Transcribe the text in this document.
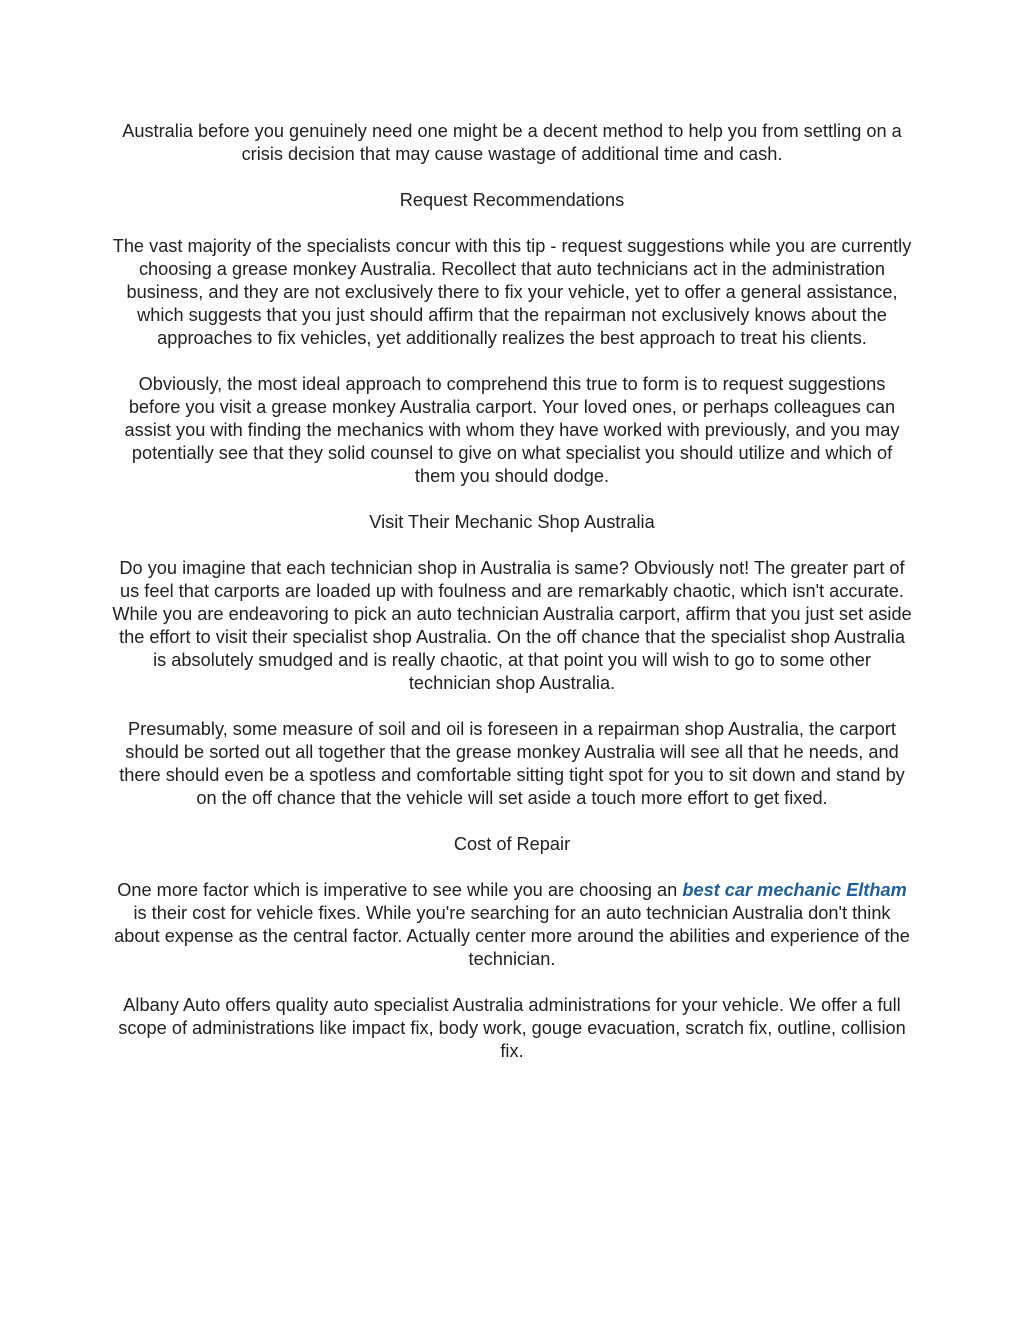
Australia before you genuinely need one might be a decent method to help you from settling on a crisis decision that may cause wastage of additional time and cash.

Request Recommendations

The vast majority of the specialists concur with this tip - request suggestions while you are currently choosing a grease monkey Australia. Recollect that auto technicians act in the administration business, and they are not exclusively there to fix your vehicle, yet to offer a general assistance, which suggests that you just should affirm that the repairman not exclusively knows about the approaches to fix vehicles, yet additionally realizes the best approach to treat his clients.

Obviously, the most ideal approach to comprehend this true to form is to request suggestions before you visit a grease monkey Australia carport. Your loved ones, or perhaps colleagues can assist you with finding the mechanics with whom they have worked with previously, and you may potentially see that they solid counsel to give on what specialist you should utilize and which of them you should dodge.

Visit Their Mechanic Shop Australia

Do you imagine that each technician shop in Australia is same? Obviously not! The greater part of us feel that carports are loaded up with foulness and are remarkably chaotic, which isn't accurate. While you are endeavoring to pick an auto technician Australia carport, affirm that you just set aside the effort to visit their specialist shop Australia. On the off chance that the specialist shop Australia is absolutely smudged and is really chaotic, at that point you will wish to go to some other technician shop Australia.

Presumably, some measure of soil and oil is foreseen in a repairman shop Australia, the carport should be sorted out all together that the grease monkey Australia will see all that he needs, and there should even be a spotless and comfortable sitting tight spot for you to sit down and stand by on the off chance that the vehicle will set aside a touch more effort to get fixed.

Cost of Repair

One more factor which is imperative to see while you are choosing an best car mechanic Eltham is their cost for vehicle fixes. While you're searching for an auto technician Australia don't think about expense as the central factor. Actually center more around the abilities and experience of the technician.

Albany Auto offers quality auto specialist Australia administrations for your vehicle. We offer a full scope of administrations like impact fix, body work, gouge evacuation, scratch fix, outline, collision fix.
